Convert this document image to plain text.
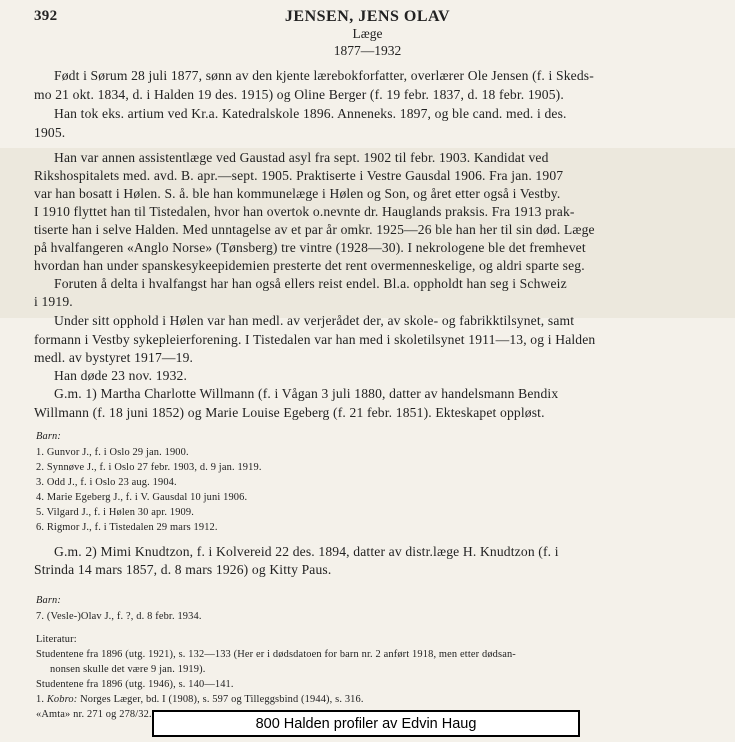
392	JENSEN, JENS OLAV
Læge
1877—1932
Født i Sørum 28 juli 1877, sønn av den kjente lærebokforfatter, overlærer Ole Jensen (f. i Skeds-
mo 21 okt. 1834, d. i Halden 19 des. 1915) og Oline Berger (f. 19 febr. 1837, d. 18 febr. 1905).
Han tok eks. artium ved Kr.a. Katedralskole 1896. Anneneks. 1897, og ble cand. med. i des.
1905.
Han var annen assistentlæge ved Gaustad asyl fra sept. 1902 til febr. 1903. Kandidat ved
Rikshospitalets med. avd. B. apr.—sept. 1905. Praktiserte i Vestre Gausdal 1906. Fra jan. 1907
var han bosatt i Hølen. S. å. ble han kommunelæge i Hølen og Son, og året etter også i Vestby.
I 1910 flyttet han til Tistedalen, hvor han overtok o.nevnte dr. Hauglands praksis. Fra 1913 prak-
tiserte han i selve Halden. Med unntagelse av et par år omkr. 1925—26 ble han her til sin død. Læge
på hvalfangeren «Anglo Norse» (Tønsberg) tre vintre (1928—30). I nekrologene ble det fremhevet
hvordan han under spanskesykeepidemien presterte det rent overmenneskelige, og aldri sparte seg.
Foruten å delta i hvalfangst har han også ellers reist endel. Bl.a. oppholdt han seg i Schweiz
i 1919.
Under sitt opphold i Hølen var han medl. av verjerådet der, av skole- og fabrikktilsynet, samt
formann i Vestby sykepleierforening. I Tistedalen var han med i skoletilsynet 1911—13, og i Halden
medl. av bystyret 1917—19.
Han døde 23 nov. 1932.
G.m. 1) Martha Charlotte Willmann (f. i Vågan 3 juli 1880, datter av handelsmann Bendix
Willmann (f. 18 juni 1852) og Marie Louise Egeberg (f. 21 febr. 1851). Ekteskapet oppløst.
Barn:
1. Gunvor J., f. i Oslo 29 jan. 1900.
2. Synnøve J., f. i Oslo 27 febr. 1903, d. 9 jan. 1919.
3. Odd J., f. i Oslo 23 aug. 1904.
4. Marie Egeberg J., f. i V. Gausdal 10 juni 1906.
5. Vilgard J., f. i Hølen 30 apr. 1909.
6. Rigmor J., f. i Tistedalen 29 mars 1912.
G.m. 2) Mimi Knudtzon, f. i Kolvereid 22 des. 1894, datter av distr.læge H. Knudtzon (f. i
Strinda 14 mars 1857, d. 8 mars 1926) og Kitty Paus.
Barn:
7. (Vesle-)Olav J., f. ?, d. 8 febr. 1934.
Literatur:
Studentene fra 1896 (utg. 1921), s. 132—133 (Her er i dødsdatoen for barn nr. 2 anført 1918, men etter dødsan-
nonsen skulle det være 9 jan. 1919).
Studentene fra 1896 (utg. 1946), s. 140—141.
1. Kobro: Norges Læger, bd. I (1908), s. 597 og Tilleggsbind (1944), s. 316.
«Amta» nr. 271 og 278/32.
800 Halden profiler av Edvin Haug
